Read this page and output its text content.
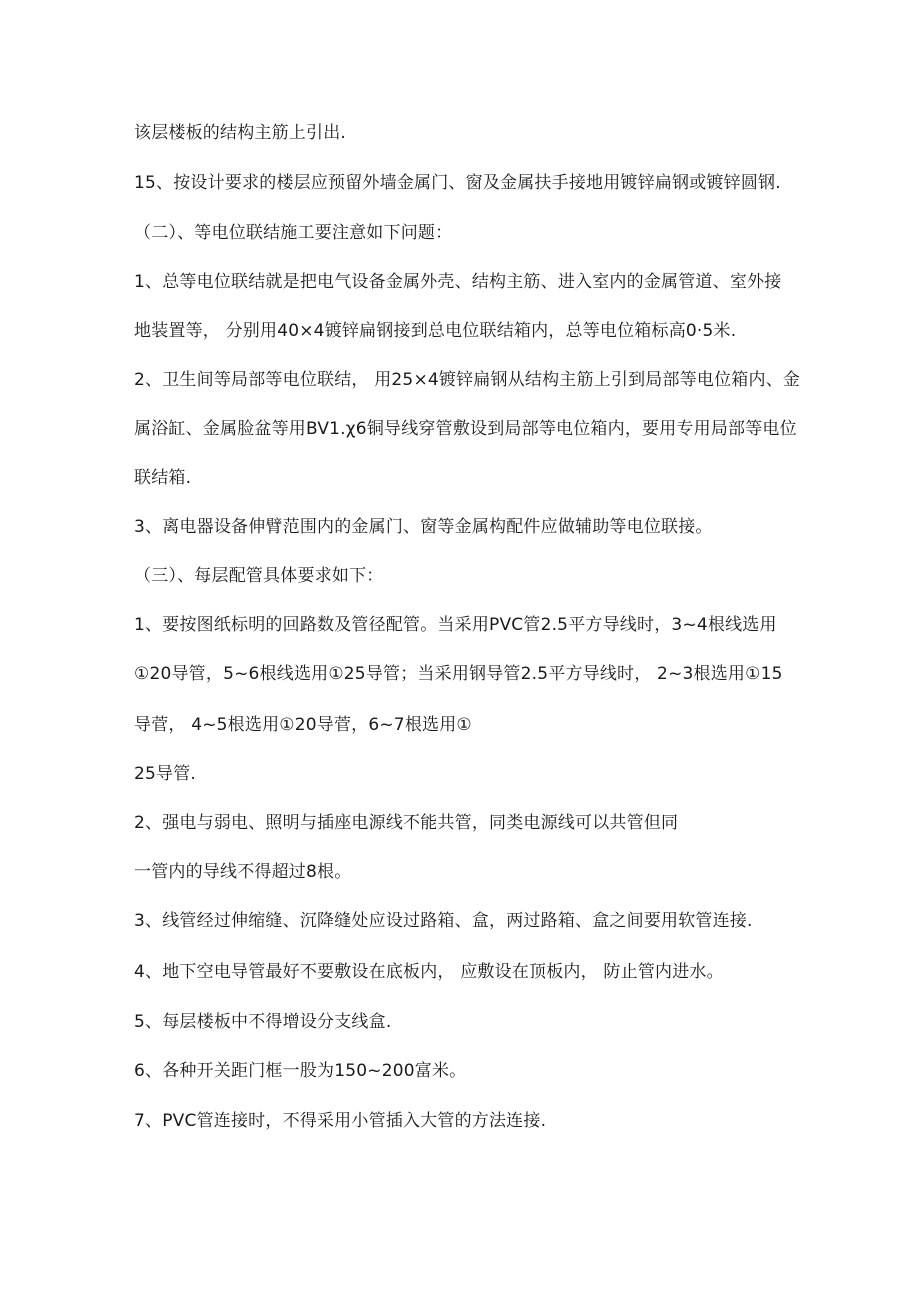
该层楼板的结构主筋上引出.
15、按设计要求的楼层应预留外墙金属门、窗及金属扶手接地用镀锌扁钢或镀锌圆钢.
（二）、等电位联结施工要注意如下问题：
1、总等电位联结就是把电气设备金属外壳、结构主筋、进入室内的金属管道、室外接
地装置等， 分别用40×4镀锌扁钢接到总电位联结箱内，总等电位箱标高0·5米.
2、卫生间等局部等电位联结， 用25×4镀锌扁钢从结构主筋上引到局部等电位箱内、金
属浴缸、金属脸盆等用BV1.χ6铜导线穿管敷设到局部等电位箱内，要用专用局部等电位
联结箱.
3、离电器设备伸臂范围内的金属门、窗等金属构配件应做辅助等电位联接。
（三）、每层配管具体要求如下：
1、要按图纸标明的回路数及管径配管。当采用PVC管2.5平方导线时，3~4根线选用
①20导管，5~6根线选用①25导管；当采用钢导管2.5平方导线时， 2~3根选用①15
导菅， 4~5根选用①20导菅，6~7根选用①
25导管.
2、强电与弱电、照明与插座电源线不能共管，同类电源线可以共管但同
一管内的导线不得超过8根。
3、线管经过伸缩缝、沉降缝处应设过路箱、盒，两过路箱、盒之间要用软管连接.
4、地下空电导管最好不要敷设在底板内， 应敷设在顶板内， 防止管内进水。
5、每层楼板中不得增设分支线盒.
6、各种开关距门框一股为150~200富米。
7、PVC管连接时，不得采用小管插入大管的方法连接.
